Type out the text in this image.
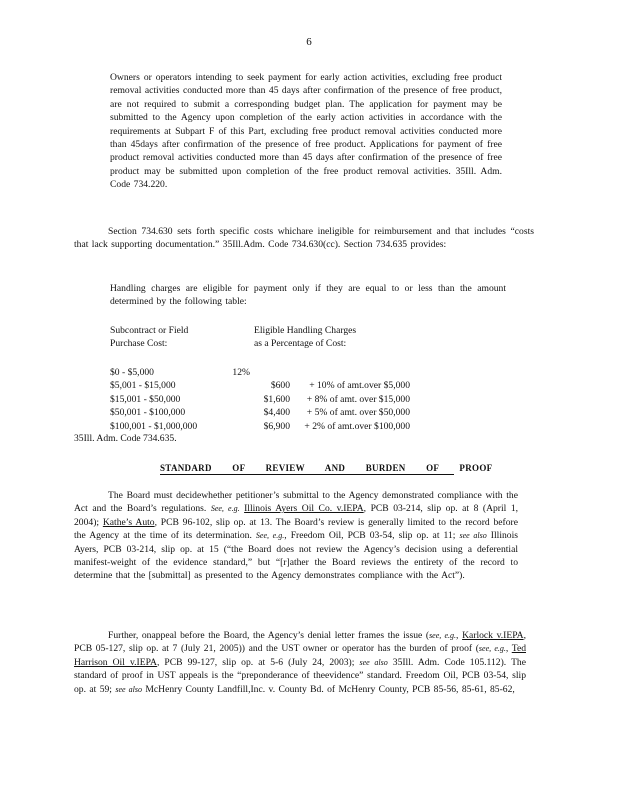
6
Owners or operators intending to seek payment for early action activities, excluding free product removal activities conducted more than 45 days after confirmation of the presence of free product, are not required to submit a corresponding budget plan. The application for payment may be submitted to the Agency upon completion of the early action activities in accordance with the requirements at Subpart F of this Part, excluding free product removal activities conducted more than 45days after confirmation of the presence of free product. Applications for payment of free product removal activities conducted more than 45 days after confirmation of the presence of free product may be submitted upon completion of the free product removal activities. 35Ill. Adm. Code 734.220.
Section 734.630 sets forth specific costs whichare ineligible for reimbursement and that includes “costs that lack supporting documentation.” 35Ill.Adm. Code 734.630(cc). Section 734.635 provides:
Handling charges are eligible for payment only if they are equal to or less than the amount determined by the following table:
Subcontract or Field
Purchase Cost:
Eligible Handling Charges
as a Percentage of Cost:
$0 - $5,000	12%
$5,001 - $15,000	$600	+ 10% of amt.over $5,000
$15,001 - $50,000	$1,600	+ 8% of amt. over $15,000
$50,001 - $100,000	$4,400	+ 5% of amt. over $50,000
$100,001 - $1,000,000	$6,900	+ 2% of amt.over $100,000
35Ill. Adm. Code 734.635.
STANDARD OF REVIEW AND BURDEN OF PROOF
The Board must decidewhether petitioner’s submittal to the Agency demonstrated compliance with the Act and the Board’s regulations. See, e.g. Illinois Ayers Oil Co. v.IEPA, PCB 03-214, slip op. at 8 (April 1, 2004); Kathe’s Auto, PCB 96-102, slip op. at 13. The Board’s review is generally limited to the record before the Agency at the time of its determination. See, e.g., Freedom Oil, PCB 03-54, slip op. at 11; see also Illinois Ayers, PCB 03-214, slip op. at 15 (“the Board does not review the Agency’s decision using a deferential manifest-weight of the evidence standard,” but “[r]ather the Board reviews the entirety of the record to determine that the [submittal] as presented to the Agency demonstrates compliance with the Act”).
Further, onappeal before the Board, the Agency’s denial letter frames the issue (see, e.g., Karlock v.IEPA, PCB 05-127, slip op. at 7 (July 21, 2005)) and the UST owner or operator has the burden of proof (see, e.g., Ted Harrison Oil v.IEPA, PCB 99-127, slip op. at 5-6 (July 24, 2003); see also 35Ill. Adm. Code 105.112). The standard of proof in UST appeals is the “preponderance of theevidence” standard. Freedom Oil, PCB 03-54, slip op. at 59; see also McHenry County Landfill,Inc. v. County Bd. of McHenry County, PCB 85-56, 85-61, 85-62,
